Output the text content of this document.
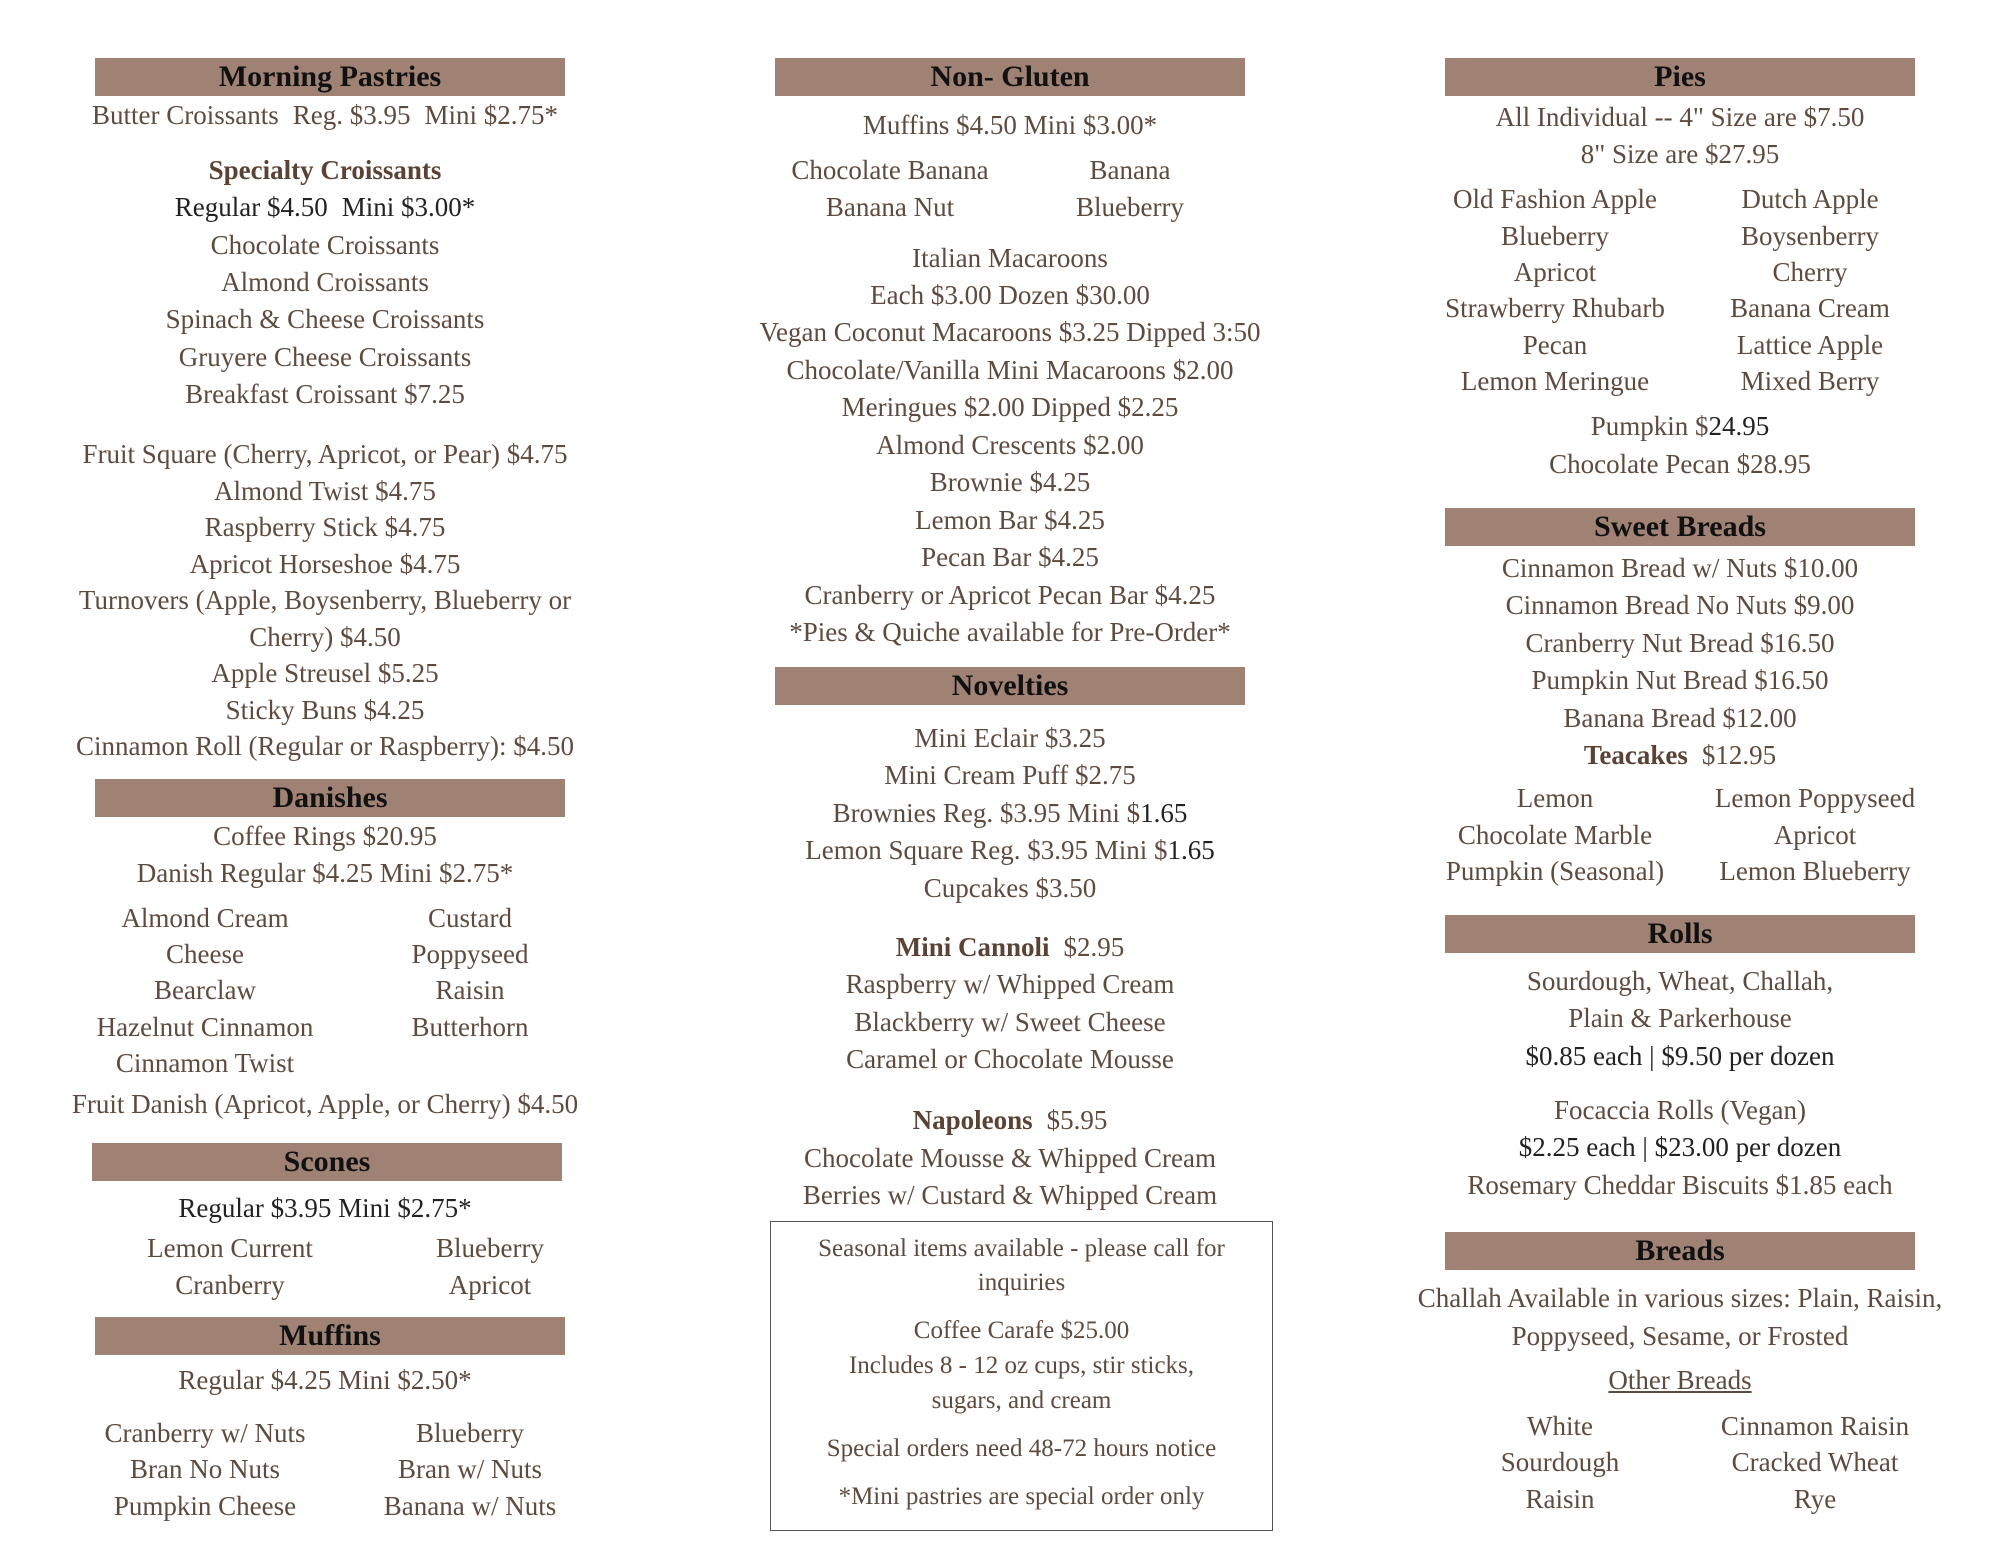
Morning Pastries
Butter Croissants Reg. $3.95 Mini $2.75*
Specialty Croissants
Regular $4.50 Mini $3.00*
Chocolate Croissants
Almond Croissants
Spinach & Cheese Croissants
Gruyere Cheese Croissants
Breakfast Croissant $7.25
Fruit Square (Cherry, Apricot, or Pear) $4.75
Almond Twist $4.75
Raspberry Stick $4.75
Apricot Horseshoe $4.75
Turnovers (Apple, Boysenberry, Blueberry or
Cherry) $4.50
Apple Streusel $5.25
Sticky Buns $4.25
Cinnamon Roll (Regular or Raspberry): $4.50
Danishes
Coffee Rings $20.95
Danish Regular $4.25 Mini $2.75*
Almond Cream
Cheese
Bearclaw
Hazelnut Cinnamon
Cinnamon Twist
Custard
Poppyseed
Raisin
Butterhorn
Fruit Danish (Apricot, Apple, or Cherry) $4.50
Scones
Regular $3.95 Mini $2.75*
Lemon Current
Cranberry
Blueberry
Apricot
Muffins
Regular $4.25 Mini $2.50*
Cranberry w/ Nuts
Bran No Nuts
Pumpkin Cheese
Blueberry
Bran w/ Nuts
Banana w/ Nuts
Non- Gluten
Muffins $4.50 Mini $3.00*
Chocolate Banana
Banana Nut
Banana
Blueberry
Italian Macaroons
Each $3.00 Dozen $30.00
Vegan Coconut Macaroons $3.25 Dipped 3:50
Chocolate/Vanilla Mini Macaroons $2.00
Meringues $2.00 Dipped $2.25
Almond Crescents $2.00
Brownie $4.25
Lemon Bar $4.25
Pecan Bar $4.25
Cranberry or Apricot Pecan Bar $4.25
*Pies & Quiche available for Pre-Order*
Novelties
Mini Eclair $3.25
Mini Cream Puff $2.75
Brownies Reg. $3.95 Mini $1.65
Lemon Square Reg. $3.95 Mini $1.65
Cupcakes $3.50
Mini Cannoli $2.95
Raspberry w/ Whipped Cream
Blackberry w/ Sweet Cheese
Caramel or Chocolate Mousse
Napoleons $5.95
Chocolate Mousse & Whipped Cream
Berries w/ Custard & Whipped Cream
Seasonal items available - please call for
inquiries
Coffee Carafe $25.00
Includes 8 - 12 oz cups, stir sticks,
sugars, and cream
Special orders need 48-72 hours notice
*Mini pastries are special order only
Pies
All Individual -- 4" Size are $7.50
8" Size are $27.95
Old Fashion Apple
Blueberry
Apricot
Strawberry Rhubarb
Pecan
Lemon Meringue
Dutch Apple
Boysenberry
Cherry
Banana Cream
Lattice Apple
Mixed Berry
Pumpkin $24.95
Chocolate Pecan $28.95
Sweet Breads
Cinnamon Bread w/ Nuts $10.00
Cinnamon Bread No Nuts $9.00
Cranberry Nut Bread $16.50
Pumpkin Nut Bread $16.50
Banana Bread $12.00
Teacakes $12.95
Lemon
Chocolate Marble
Pumpkin (Seasonal)
Lemon Poppyseed
Apricot
Lemon Blueberry
Rolls
Sourdough, Wheat, Challah,
Plain & Parkerhouse
$0.85 each | $9.50 per dozen
Focaccia Rolls (Vegan)
$2.25 each | $23.00 per dozen
Rosemary Cheddar Biscuits $1.85 each
Breads
Challah Available in various sizes: Plain, Raisin,
Poppyseed, Sesame, or Frosted
Other Breads
White
Sourdough
Raisin
Cinnamon Raisin
Cracked Wheat
Rye
